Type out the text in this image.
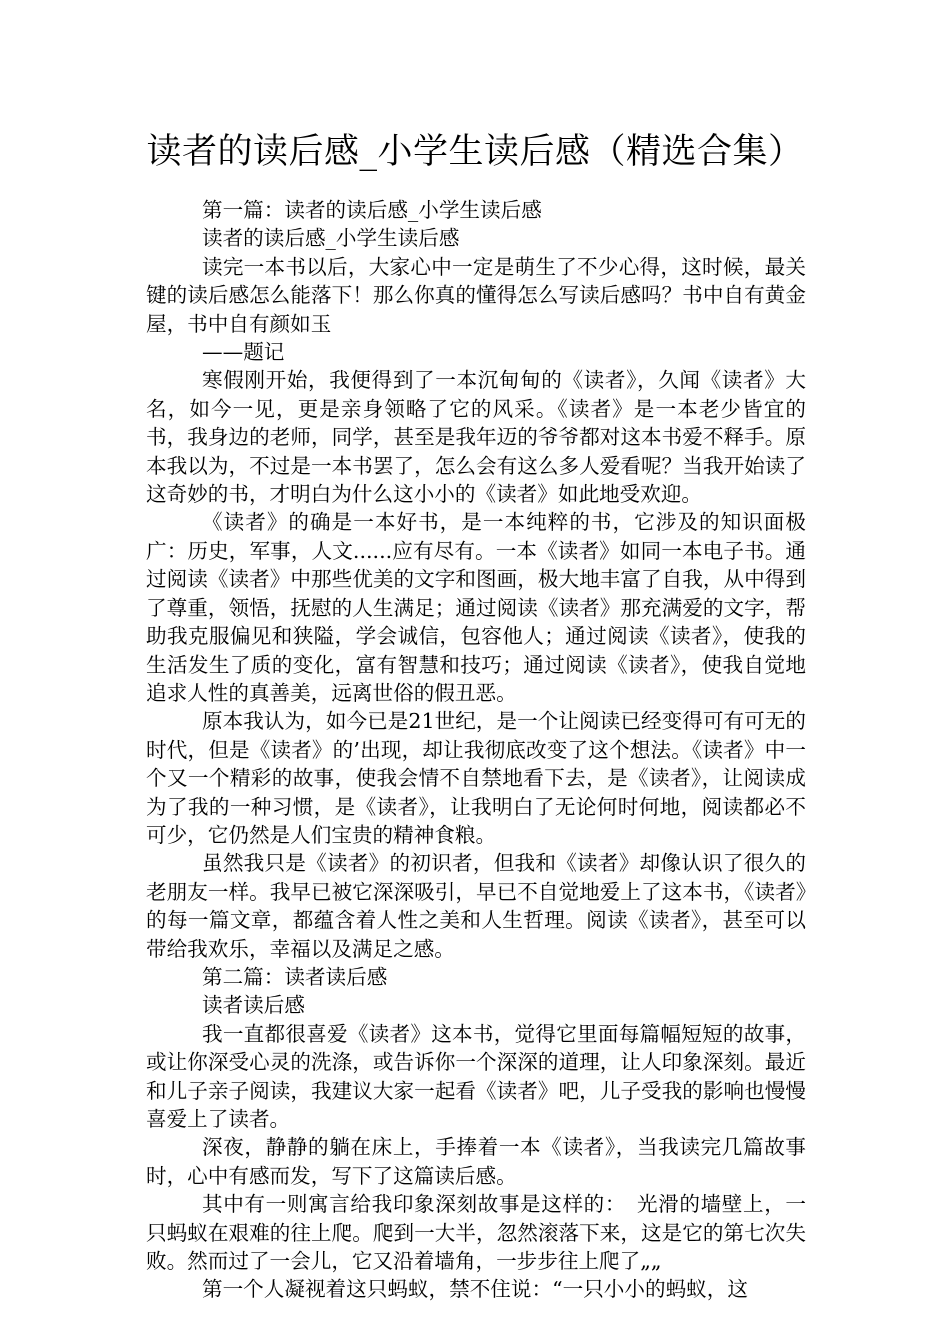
读者的读后感_小学生读后感（精选合集）

第一篇：读者的读后感_小学生读后感

读者的读后感_小学生读后感

读完一本书以后，大家心中一定是萌生了不少心得，这时候，最关键的读后感怎么能落下！那么你真的懂得怎么写读后感吗？书中自有黄金屋，书中自有颜如玉

——题记

寒假刚开始，我便得到了一本沉甸甸的《读者》，久闻《读者》大名，如今一见，更是亲身领略了它的风采。《读者》是一本老少皆宜的书，我身边的老师，同学，甚至是我年迈的爷爷都对这本书爱不释手。原本我以为，不过是一本书罢了，怎么会有这么多人爱看呢？当我开始读了这奇妙的书，才明白为什么这小小的《读者》如此地受欢迎。

《读者》的确是一本好书，是一本纯粹的书，它涉及的知识面极广：历史，军事，人文......应有尽有。一本《读者》如同一本电子书。通过阅读《读者》中那些优美的文字和图画，极大地丰富了自我，从中得到了尊重，领悟，抚慰的人生满足；通过阅读《读者》那充满爱的文字，帮助我克服偏见和狭隘，学会诚信，包容他人；通过阅读《读者》，使我的生活发生了质的变化，富有智慧和技巧；通过阅读《读者》，使我自觉地追求人性的真善美，远离世俗的假丑恶。

原本我认为，如今已是21世纪，是一个让阅读已经变得可有可无的时代，但是《读者》的’出现，却让我彻底改变了这个想法。《读者》中一个又一个精彩的故事，使我会情不自禁地看下去，是《读者》，让阅读成为了我的一种习惯，是《读者》，让我明白了无论何时何地，阅读都必不可少，它仍然是人们宝贵的精神食粮。

虽然我只是《读者》的初识者，但我和《读者》却像认识了很久的老朋友一样。我早已被它深深吸引，早已不自觉地爱上了这本书，《读者》的每一篇文章，都蕴含着人性之美和人生哲理。阅读《读者》，甚至可以带给我欢乐，幸福以及满足之感。

第二篇：读者读后感

读者读后感

我一直都很喜爱《读者》这本书，觉得它里面每篇幅短短的故事，或让你深受心灵的洗涤，或告诉你一个深深的道理，让人印象深刻。最近和儿子亲子阅读，我建议大家一起看《读者》吧，儿子受我的影响也慢慢喜爱上了读者。

深夜，静静的躺在床上，手捧着一本《读者》，当我读完几篇故事时，心中有感而发，写下了这篇读后感。

其中有一则寓言给我印象深刻故事是这样的：　光滑的墙壁上，一只蚂蚁在艰难的往上爬。爬到一大半，忽然滚落下来，这是它的第七次失败。然而过了一会儿，它又沿着墙角，一步步往上爬了„„

第一个人凝视着这只蚂蚁，禁不住说：“一只小小的蚂蚁，这
